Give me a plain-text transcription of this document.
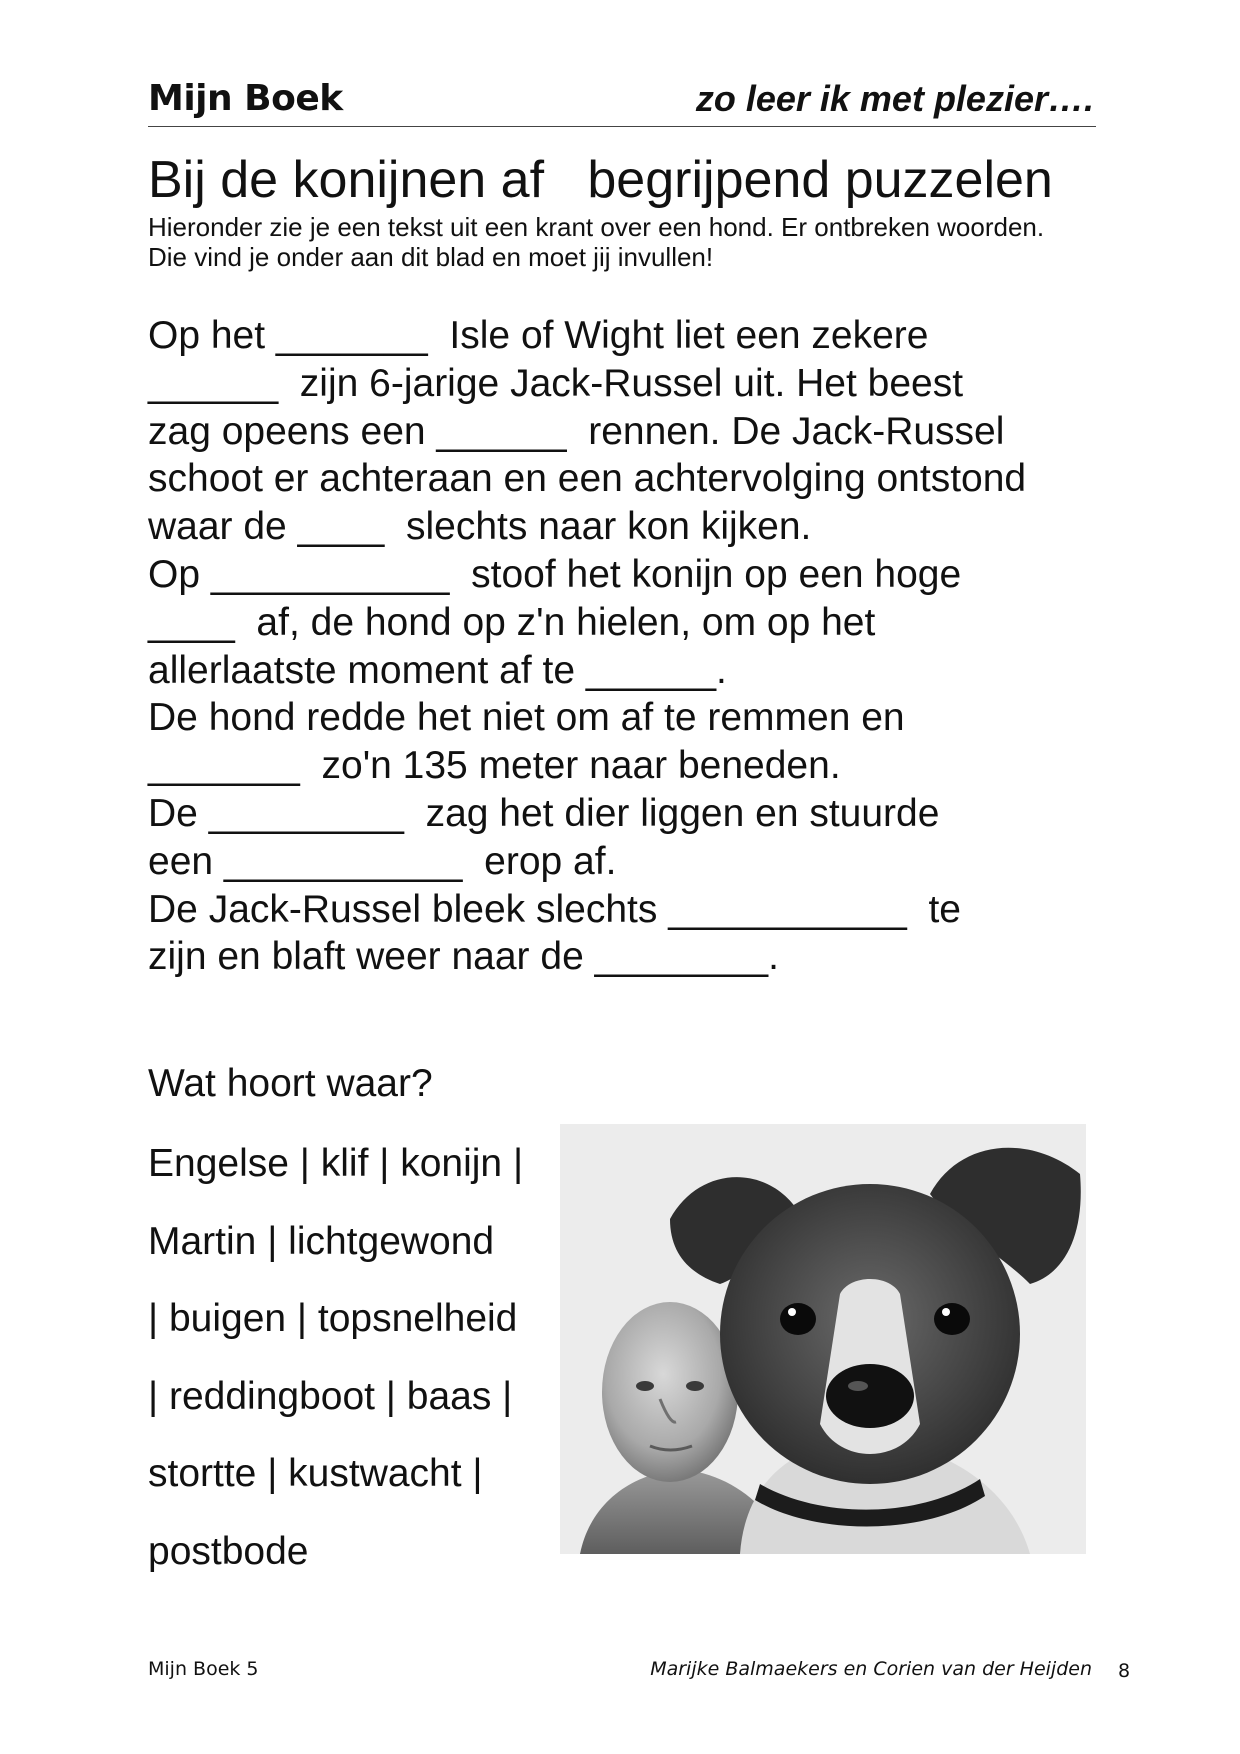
Mijn Boek	zo leer ik met plezier….
Bij de konijnen af   begrijpend puzzelen
Hieronder zie je een tekst uit een krant over een hond. Er ontbreken woorden. Die vind je onder aan dit blad en moet jij invullen!
Op het _______  Isle of Wight liet een zekere
______  zijn 6-jarige Jack-Russel uit. Het beest
zag opeens een ______  rennen. De Jack-Russel
schoot er achteraan en een achtervolging ontstond
waar de ____  slechts naar kon kijken.
Op ___________  stoof het konijn op een hoge
____  af, de hond op z'n hielen, om op het
allerlaatste moment af te ______.
De hond redde het niet om af te remmen en
_______  zo'n 135 meter naar beneden.
De _________  zag het dier liggen en stuurde
een ___________  erop af.
De Jack-Russel bleek slechts ___________  te
zijn en blaft weer naar de ________.
Wat hoort waar?
Engelse | klif | konijn |
Martin | lichtgewond
| buigen | topsnelheid
| reddingboot | baas |
stortte | kustwacht |
postbode
Mijn Boek 5	Marijke Balmaekers en Corien van der Heijden 8
